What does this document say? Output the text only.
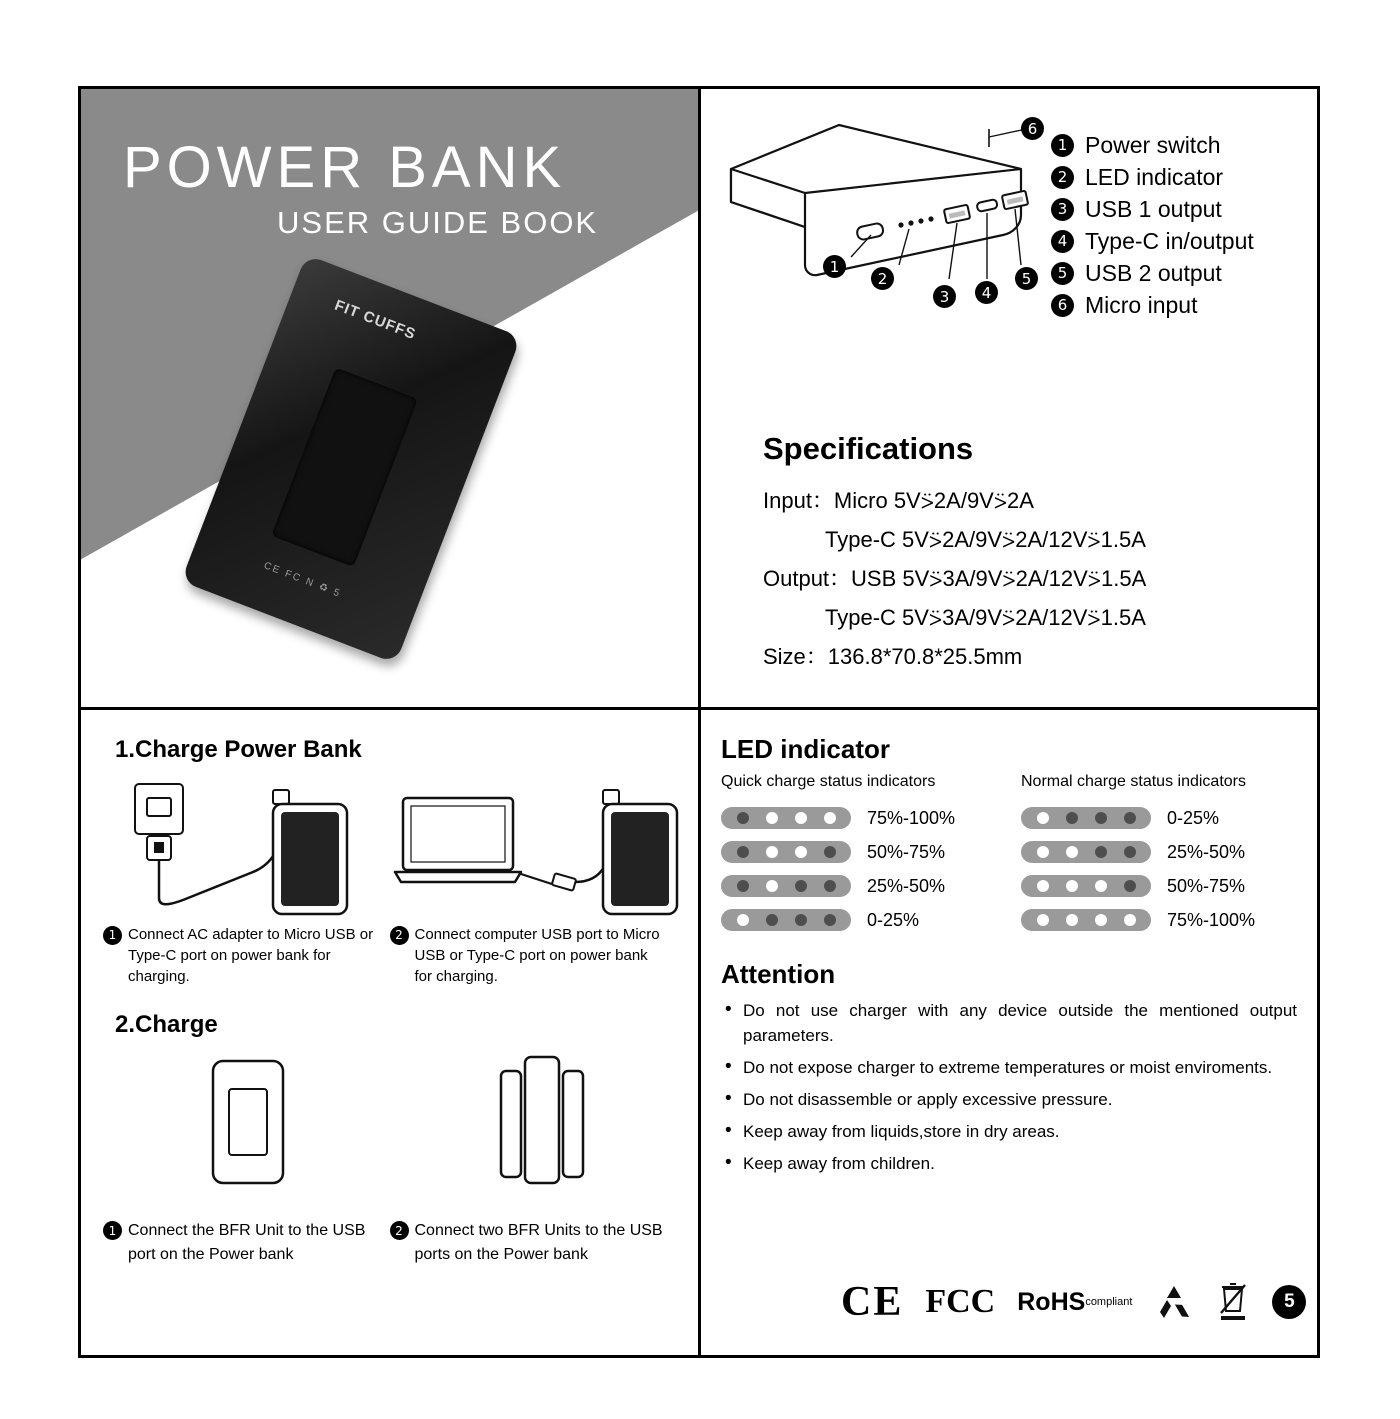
POWER BANK
USER GUIDE BOOK
FIT CUFFS
CE FC N ♻ 5
1
2
3	4
5
6
1 Power switch
2 LED indicator
3 USB 1 output
4 Type-C in/output
5 USB 2 output
6 Micro input
Specifications
Input：Micro 5V⍩2A/9V⍩2A
Type-C 5V⍩2A/9V⍩2A/12V⍩1.5A
Output：USB 5V⍩3A/9V⍩2A/12V⍩1.5A
Type-C 5V⍩3A/9V⍩2A/12V⍩1.5A
Size：136.8*70.8*25.5mm
1.Charge Power Bank
1 Connect AC adapter to Micro USB or Type-C port on power bank for charging.
2 Connect computer USB port to Micro USB or Type-C port on power bank for charging.
2.Charge
1 Connect the BFR Unit to the USB port on the Power bank
2 Connect two BFR Units to the USB ports on the Power bank
LED indicator
Quick charge status indicators
75%-100%
50%-75%
25%-50%
0-25%
Normal charge status indicators
0-25%
25%-50%
50%-75%
75%-100%
Attention
• Do not use charger with any device outside the mentioned output parameters.
• Do not expose charger to extreme temperatures or moist enviroments.
• Do not disassemble or apply excessive pressure.
• Keep away from liquids,store in dry areas.
• Keep away from children.
CE FCC RoHS compliant	5
